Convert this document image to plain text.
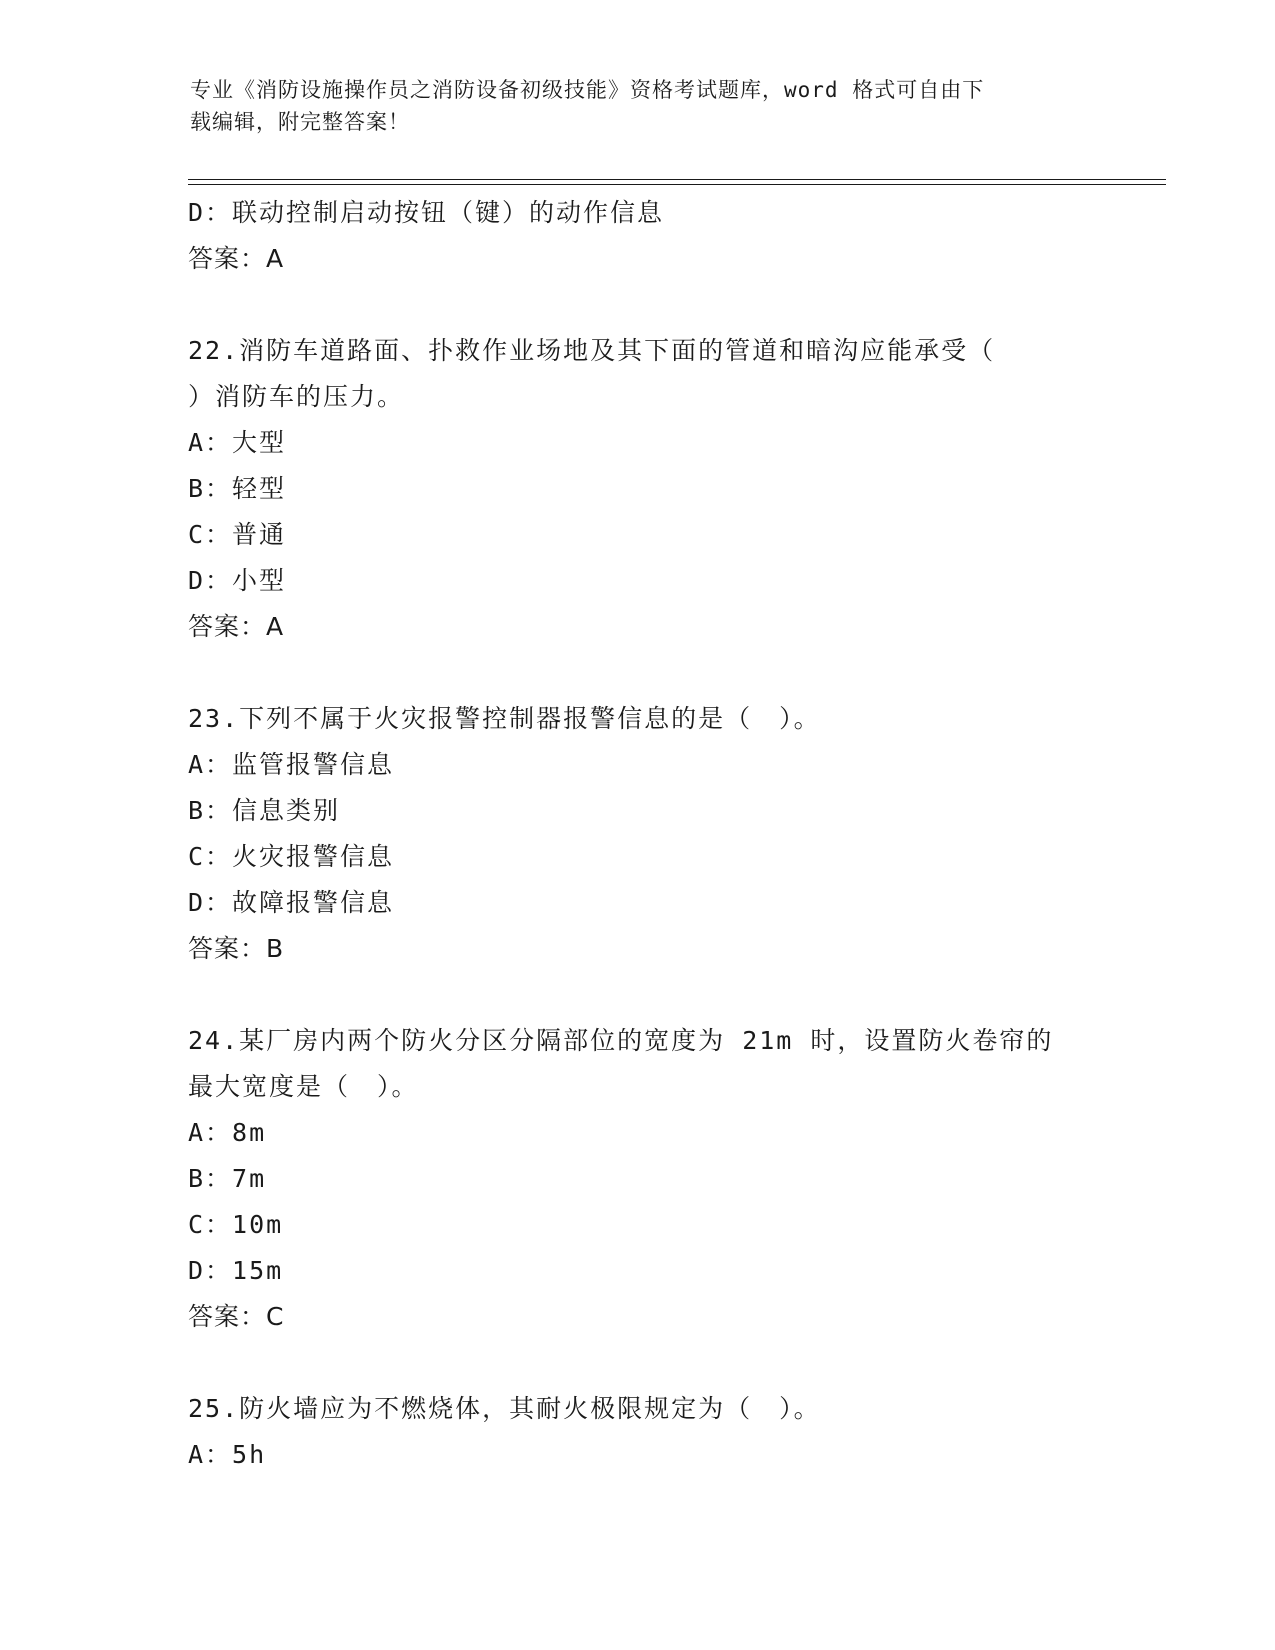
专业《消防设施操作员之消防设备初级技能》资格考试题库，word 格式可自由下
载编辑，附完整答案！
D：联动控制启动按钮（键）的动作信息
答案：A
22.消防车道路面、扑救作业场地及其下面的管道和暗沟应能承受（
）消防车的压力。
A：大型
B：轻型
C：普通
D：小型
答案：A
23.下列不属于火灾报警控制器报警信息的是（　）。
A：监管报警信息
B：信息类别
C：火灾报警信息
D：故障报警信息
答案：B
24.某厂房内两个防火分区分隔部位的宽度为 21m 时，设置防火卷帘的
最大宽度是（　）。
A：8m
B：7m
C：10m
D：15m
答案：C
25.防火墙应为不燃烧体，其耐火极限规定为（　）。
A：5h
